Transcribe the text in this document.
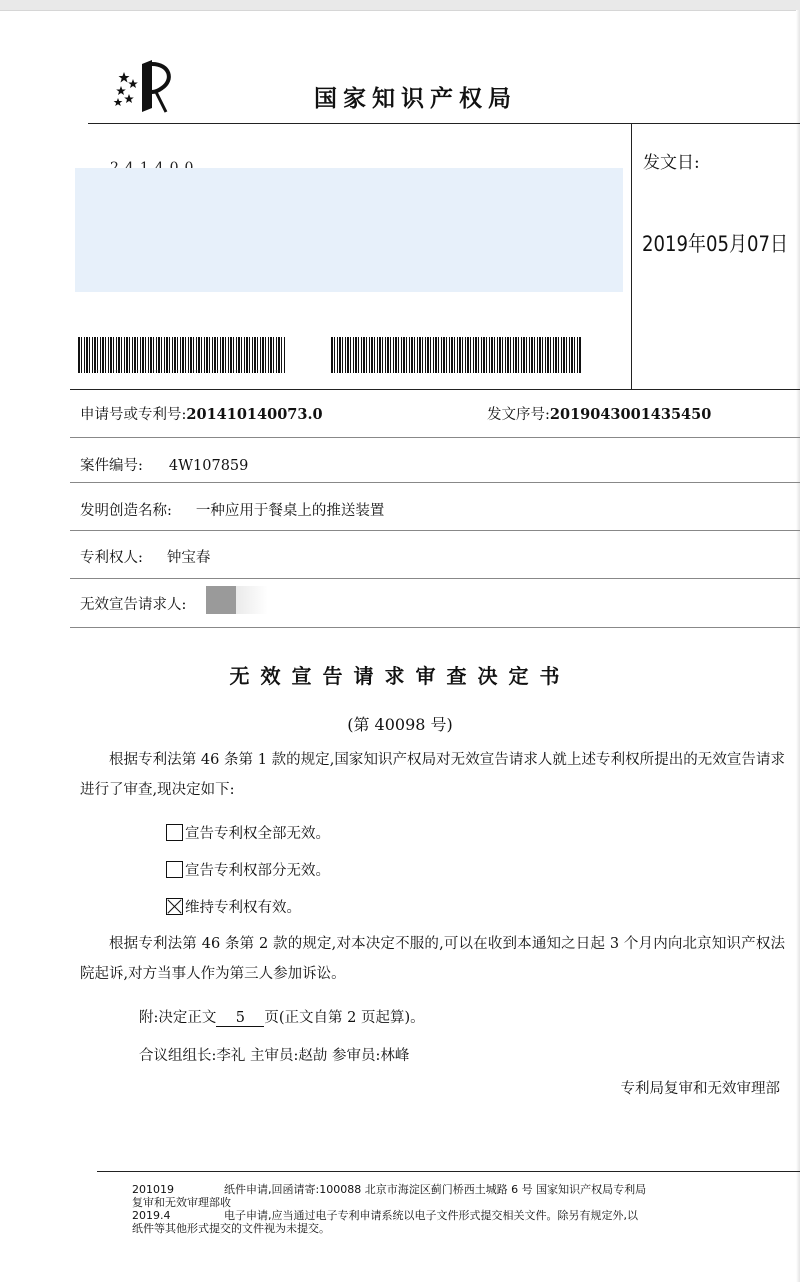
国家知识产权局
发文日:
2019年05月07日
申请号或专利号:201410140073.0	发文序号:2019043001435450
案件编号: 4W107859
发明创造名称: 一种应用于餐桌上的推送装置
专利权人: 钟宝春
无效宣告请求人:
无效宣告请求审查决定书
(第 40098 号)
根据专利法第 46 条第 1 款的规定,国家知识产权局对无效宣告请求人就上述专利权所提出的无效宣告请求进行了审查,现决定如下:
宣告专利权全部无效。
宣告专利权部分无效。
维持专利权有效。
根据专利法第 46 条第 2 款的规定,对本决定不服的,可以在收到本通知之日起 3 个月内向北京知识产权法院起诉,对方当事人作为第三人参加诉讼。
附:决定正文 5 页(正文自第 2 页起算)。
合议组组长:李礼 主审员:赵劼 参审员:林峰
专利局复审和无效审理部
201019	纸件申请,回函请寄:100088 北京市海淀区蓟门桥西土城路 6 号 国家知识产权局专利局
复审和无效审理部收
2019.4	电子申请,应当通过电子专利申请系统以电子文件形式提交相关文件。除另有规定外,以
纸件等其他形式提交的文件视为未提交。
